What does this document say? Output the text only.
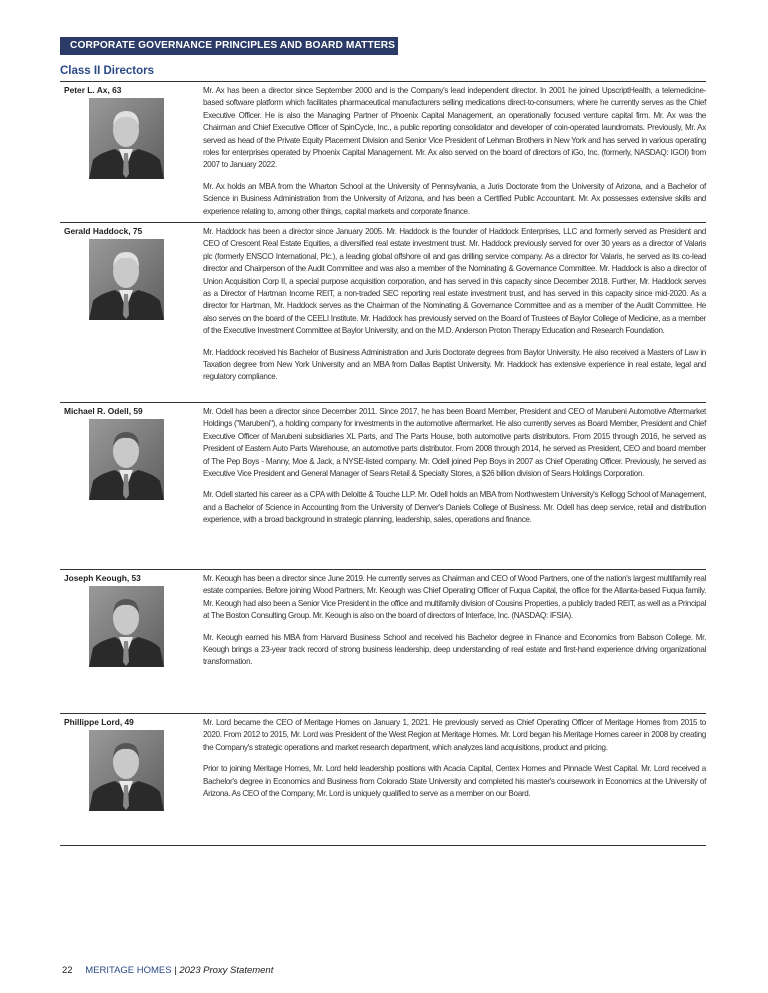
CORPORATE GOVERNANCE PRINCIPLES AND BOARD MATTERS
Class II Directors
Peter L. Ax, 63	Mr. Ax has been a director since September 2000 and is the Company's lead independent director. In 2001 he joined UpscriptHealth, a telemedicine-based software platform which facilitates pharmaceutical manufacturers selling medications direct-to-consumers, where he currently serves as the Chief Executive Officer. He is also the Managing Partner of Phoenix Capital Management, an operationally focused venture capital firm. Mr. Ax was the Chairman and Chief Executive Officer of SpinCycle, Inc., a public reporting consolidator and developer of coin-operated laundromats. Previously, Mr. Ax served as head of the Private Equity Placement Division and Senior Vice President of Lehman Brothers in New York and has served in various operating roles for enterprises operated by Phoenix Capital Management. Mr. Ax also served on the board of directors of iGo, Inc. (formerly, NASDAQ: IGOI) from 2007 to January 2022.

Mr. Ax holds an MBA from the Wharton School at the University of Pennsylvania, a Juris Doctorate from the University of Arizona, and a Bachelor of Science in Business Administration from the University of Arizona, and has been a Certified Public Accountant. Mr. Ax possesses extensive skills and experience relating to, among other things, capital markets and corporate finance.

Gerald Haddock, 75	Mr. Haddock has been a director since January 2005. Mr. Haddock is the founder of Haddock Enterprises, LLC and formerly served as President and CEO of Crescent Real Estate Equities, a diversified real estate investment trust. Mr. Haddock previously served for over 30 years as a director of Valaris plc (formerly ENSCO International, Plc.), a leading global offshore oil and gas drilling service company. As a director for Valaris, he served as its co-lead director and Chairperson of the Audit Committee and was also a member of the Nominating & Governance Committee. Mr. Haddock is also a director of Union Acquisition Corp II, a special purpose acquisition corporation, and has served in this capacity since December 2018. Further, Mr. Haddock serves as a Director of Hartman Income REIT, a non-traded SEC reporting real estate investment trust, and has served in this capacity since mid-2020. As a director for Hartman, Mr. Haddock serves as the Chairman of the Nominating & Governance Committee and as a member of the Audit Committee. He also serves on the board of the CEELI Institute. Mr. Haddock has previously served on the Board of Trustees of Baylor College of Medicine, as a member of the Executive Investment Committee at Baylor University, and on the M.D. Anderson Proton Therapy Education and Research Foundation.

Mr. Haddock received his Bachelor of Business Administration and Juris Doctorate degrees from Baylor University. He also received a Masters of Law in Taxation degree from New York University and an MBA from Dallas Baptist University. Mr. Haddock has extensive experience in real estate, legal and regulatory compliance.

Michael R. Odell, 59	Mr. Odell has been a director since December 2011. Since 2017, he has been Board Member, President and CEO of Marubeni Automotive Aftermarket Holdings ("Marubeni"), a holding company for investments in the automotive aftermarket. He also currently serves as Board Member, President and Chief Executive Officer of Marubeni subsidiaries XL Parts, and The Parts House, both automotive parts distributors. From 2015 through 2016, he served as President of Eastern Auto Parts Warehouse, an automotive parts distributor. From 2008 through 2014, he served as President, CEO and board member of The Pep Boys - Manny, Moe & Jack, a NYSE-listed company. Mr. Odell joined Pep Boys in 2007 as Chief Operating Officer. Previously, he served as Executive Vice President and General Manager of Sears Retail & Specialty Stores, a $26 billion division of Sears Holdings Corporation.

Mr. Odell started his career as a CPA with Deloitte & Touche LLP. Mr. Odell holds an MBA from Northwestern University's Kellogg School of Management, and a Bachelor of Science in Accounting from the University of Denver's Daniels College of Business. Mr. Odell has deep service, retail and distribution experience, with a broad background in strategic planning, leadership, sales, operations and finance.

Joseph Keough, 53	Mr. Keough has been a director since June 2019. He currently serves as Chairman and CEO of Wood Partners, one of the nation's largest multifamily real estate companies. Before joining Wood Partners, Mr. Keough was Chief Operating Officer of Fuqua Capital, the office for the Atlanta-based Fuqua family. Mr. Keough had also been a Senior Vice President in the office and multifamily division of Cousins Properties, a publicly traded REIT, as well as a Principal at The Boston Consulting Group. Mr. Keough is also on the board of directors of Interface, Inc. (NASDAQ: IFSIA).

Mr. Keough earned his MBA from Harvard Business School and received his Bachelor degree in Finance and Economics from Babson College. Mr. Keough brings a 23-year track record of strong business leadership, deep understanding of real estate and first-hand experience driving organizational transformation.

Phillippe Lord, 49	Mr. Lord became the CEO of Meritage Homes on January 1, 2021. He previously served as Chief Operating Officer of Meritage Homes from 2015 to 2020. From 2012 to 2015, Mr. Lord was President of the West Region at Meritage Homes. Mr. Lord began his Meritage Homes career in 2008 by creating the Company's strategic operations and market research department, which analyzes land acquisitions, product and pricing.

Prior to joining Meritage Homes, Mr. Lord held leadership positions with Acacia Capital, Centex Homes and Pinnacle West Capital. Mr. Lord received a Bachelor's degree in Economics and Business from Colorado State University and completed his master's coursework in Economics at the University of Arizona. As CEO of the Company, Mr. Lord is uniquely qualified to serve as a member on our Board.

22 MERITAGE HOMES | 2023 Proxy Statement
